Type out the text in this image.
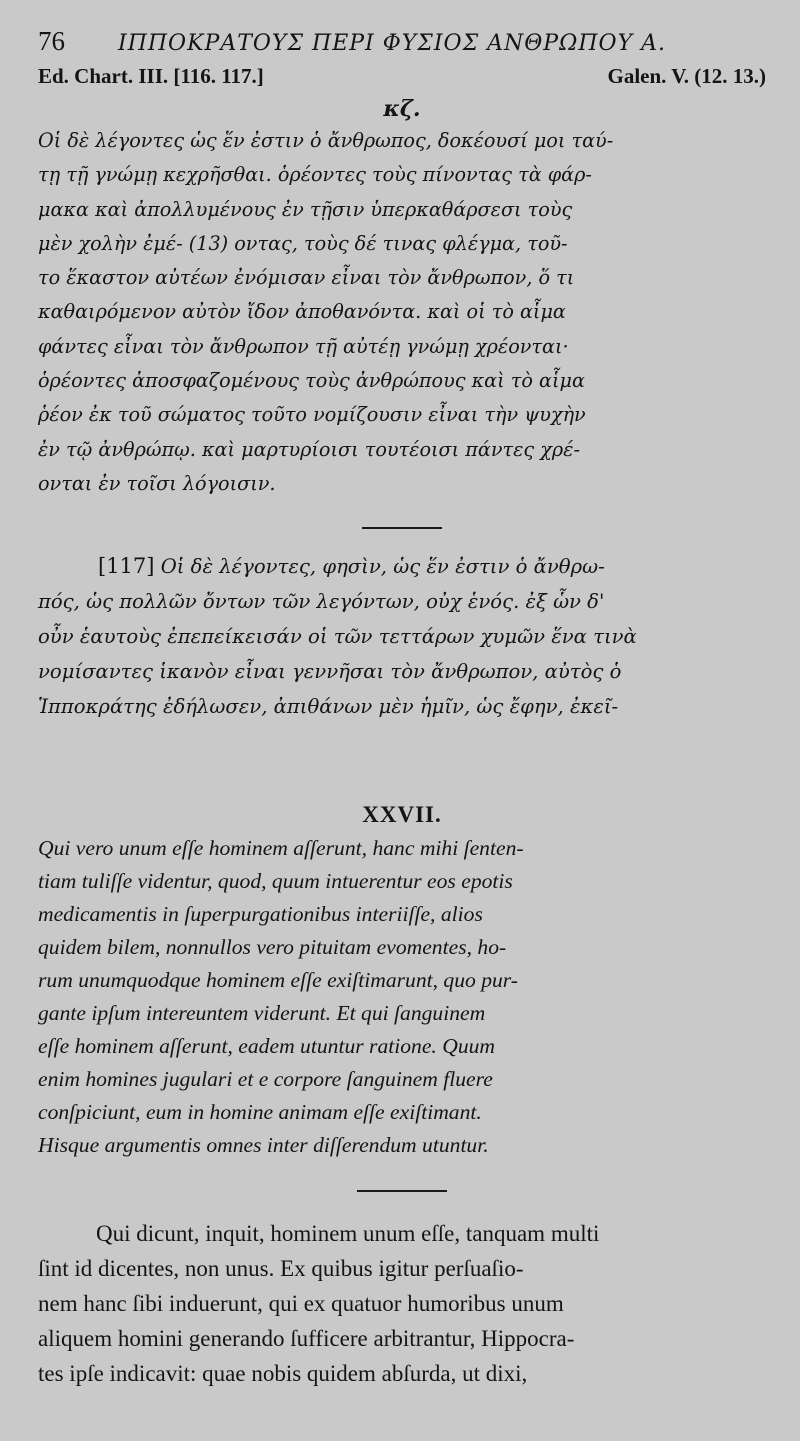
76	ΙΠΠΟΚΡΑΤΟΥΣ ΠΕΡΙ ΦΥΣΙΟΣ ΑΝΘΡΩΠΟΥ Α.
Ed. Chart. III. [116. 117.]	Galen. V. (12. 13.)
κζ.

Οἱ δὲ λέγοντες ὡς ἕν ἐστιν ὁ ἄνθρωπος, δοκέουσί μοι ταύ-
τῃ τῇ γνώμῃ κεχρῆσθαι. ὁρέοντες τοὺς πίνοντας τὰ φάρ-
μακα καὶ ἀπολλυμένους ἐν τῇσιν ὑπερκαθάρσεσι τοὺς
μὲν χολὴν ἐμέ- (13) οντας, τοὺς δέ τινας φλέγμα, τοῦ-
το ἕκαστον αὐτέων ἐνόμισαν εἶναι τὸν ἄνθρωπον, ὅ τι
καθαιρόμενον αὐτὸν ἴδον ἀποθανόντα. καὶ οἱ τὸ αἷμα
φάντες εἶναι τὸν ἄνθρωπον τῇ αὐτέῃ γνώμῃ χρέονται·
ὁρέοντες ἀποσφαζομένους τοὺς ἀνθρώπους καὶ τὸ αἷμα
ῥέον ἐκ τοῦ σώματος τοῦτο νομίζουσιν εἶναι τὴν ψυχὴν
ἐν τῷ ἀνθρώπῳ. καὶ μαρτυρίοισι τουτέοισι πάντες χρέ-
ονται ἐν τοῖσι λόγοισιν.

[117] Οἱ δὲ λέγοντες, φησὶν, ὡς ἕν ἐστιν ὁ ἄνθρω-
πός, ὡς πολλῶν ὄντων τῶν λεγόντων, οὐχ ἑνός. ἐξ ὧν δ'
οὖν ἑαυτοὺς ἐπεπείκεισάν οἱ τῶν τεττάρων χυμῶν ἕνα τινὰ
νομίσαντες ἱκανὸν εἶναι γεννῆσαι τὸν ἄνθρωπον, αὐτὸς ὁ
Ἱπποκράτης ἐδήλωσεν, ἀπιθάνων μὲν ἡμῖν, ὡς ἔφην, ἐκεῖ-

XXVII.

Qui vero unum eſſe hominem aſſerunt, hanc mihi ſenten-
tiam tuliſſe videntur, quod, quum intuerentur eos epotis
medicamentis in ſuperpurgationibus interiiſſe, alios
quidem bilem, nonnullos vero pituitam evomentes, ho-
rum unumquodque hominem eſſe exiſtimarunt, quo pur-
gante ipſum intereuntem viderunt. Et qui ſanguinem
eſſe hominem aſſerunt, eadem utuntur ratione. Quum
enim homines jugulari et e corpore ſanguinem fluere
conſpiciunt, eum in homine animam eſſe exiſtimant.
Hisque argumentis omnes inter diſſerendum utuntur.

Qui dicunt, inquit, hominem unum eſſe, tanquam multi
ſint id dicentes, non unus. Ex quibus igitur perſuaſio-
nem hanc ſibi induerunt, qui ex quatuor humoribus unum
aliquem homini generando ſufficere arbitrantur, Hippocra-
tes ipſe indicavit: quae nobis quidem abſurda, ut dixi,
